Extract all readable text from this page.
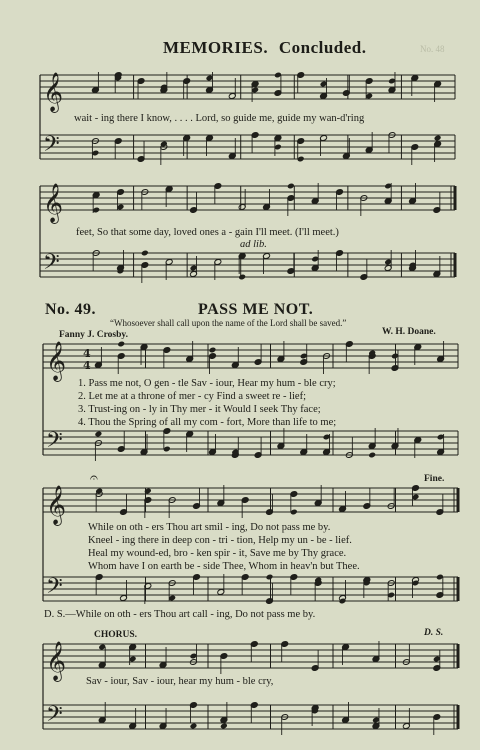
𝄞
𝄢
𝄞
𝄢
𝄞
𝄢
𝄞
𝄢
𝄞
𝄢
4
4
𝄐
No. 48
MEMORIES. Concluded.
wait - ing there I know, . . . . Lord, so guide me, guide my wan-d'ring
feet, So that some day, loved ones a - gain I'll meet. (I'll meet.)
ad lib.
No. 49.	PASS ME NOT.
“Whosoever shall call upon the name of the Lord shall be saved.”
Fanny J. Crosby.	W. H. Doane.
1. Pass me not, O gen - tle Sav - iour, Hear my hum - ble cry;
2. Let me at a throne of mer - cy Find a sweet re - lief;
3. Trust-ing on - ly in Thy mer - it Would I seek Thy face;
4. Thou the Spring of all my com - fort, More than life to me;
Fine.
While on oth - ers Thou art smil - ing, Do not pass me by.
Kneel - ing there in deep con - tri - tion, Help my un - be - lief.
Heal my wound-ed, bro - ken spir - it, Save me by Thy grace.
Whom have I on earth be - side Thee, Whom in heav'n but Thee.
D. S.—While on oth - ers Thou art call - ing, Do not pass me by.
CHORUS.	D. S.
Sav - iour, Sav - iour, hear my hum - ble cry,
